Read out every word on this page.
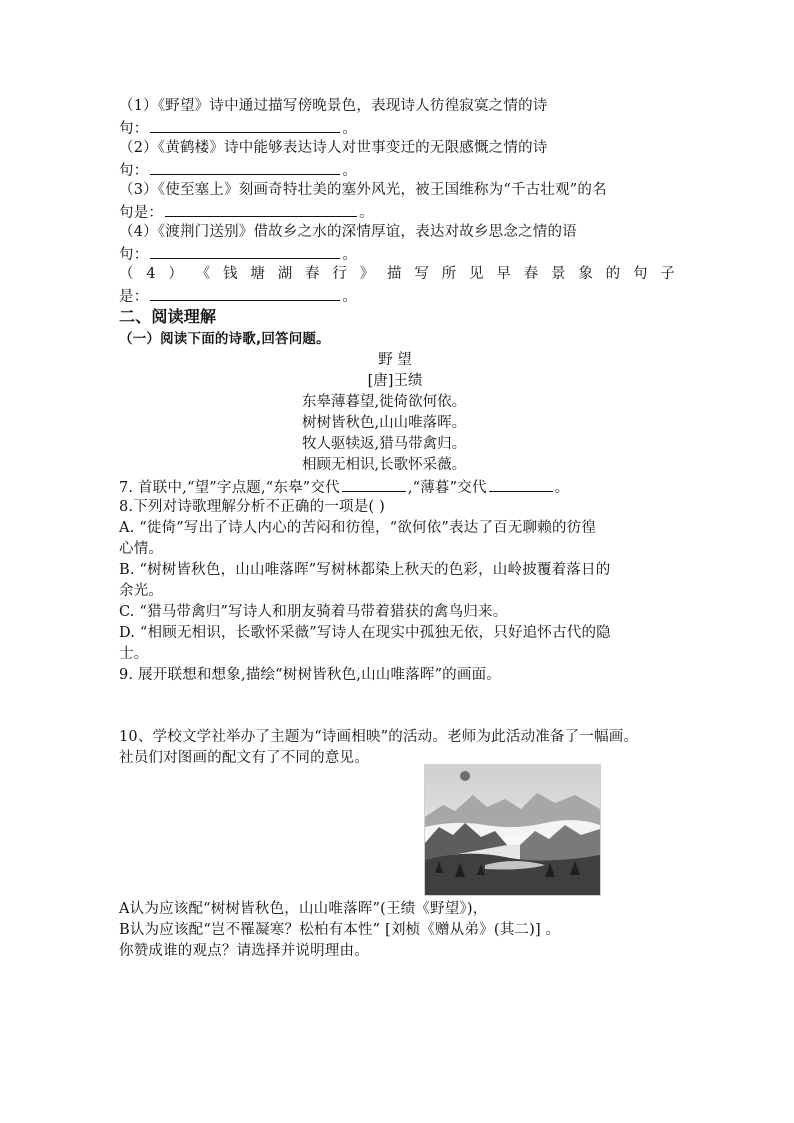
（1）《野望》诗中通过描写傍晚景色，表现诗人彷徨寂寞之情的诗
句：	。
（2）《黄鹤楼》诗中能够表达诗人对世事变迁的无限感慨之情的诗
句：	。
（3）《使至塞上》刻画奇特壮美的塞外风光，被王国维称为“千古壮观”的名
句是：	。
（4）《渡荆门送别》借故乡之水的深情厚谊，表达对故乡思念之情的语
句：	。
（ 4 ） 《 钱 塘 湖 春 行 》 描 写 所 见 早 春 景 象 的 句 子
是：	。
二、阅读理解
（一）阅读下面的诗歌,回答问题。
野 望
[唐]王绩
东皋薄暮望,徙倚欲何依。
树树皆秋色,山山唯落晖。
牧人驱犊返,猎马带禽归。
相顾无相识,长歌怀采薇。
7. 首联中,“望”字点题,“东皋”交代	,“薄暮”交代	。
8.下列对诗歌理解分析不正确的一项是( )
A. “徙倚”写出了诗人内心的苦闷和彷徨，“欲何依”表达了百无聊赖的彷徨
心情。
B. “树树皆秋色，山山唯落晖”写树林都染上秋天的色彩，山岭披覆着落日的
余光。
C. “猎马带禽归”写诗人和朋友骑着马带着猎获的禽鸟归来。
D. “相顾无相识，长歌怀采薇”写诗人在现实中孤独无依，只好追怀古代的隐
士。
9. 展开联想和想象,描绘“树树皆秋色,山山唯落晖”的画面。
10、学校文学社举办了主题为“诗画相映”的活动。老师为此活动准备了一幅画。
社员们对图画的配文有了不同的意见。
A认为应该配“树树皆秋色，山山唯落晖”(王绩《野望》)，
B认为应该配“岂不罹凝寒？松柏有本性” [刘桢《赠从弟》(其二)] 。
你赞成谁的观点？请选择并说明理由。
